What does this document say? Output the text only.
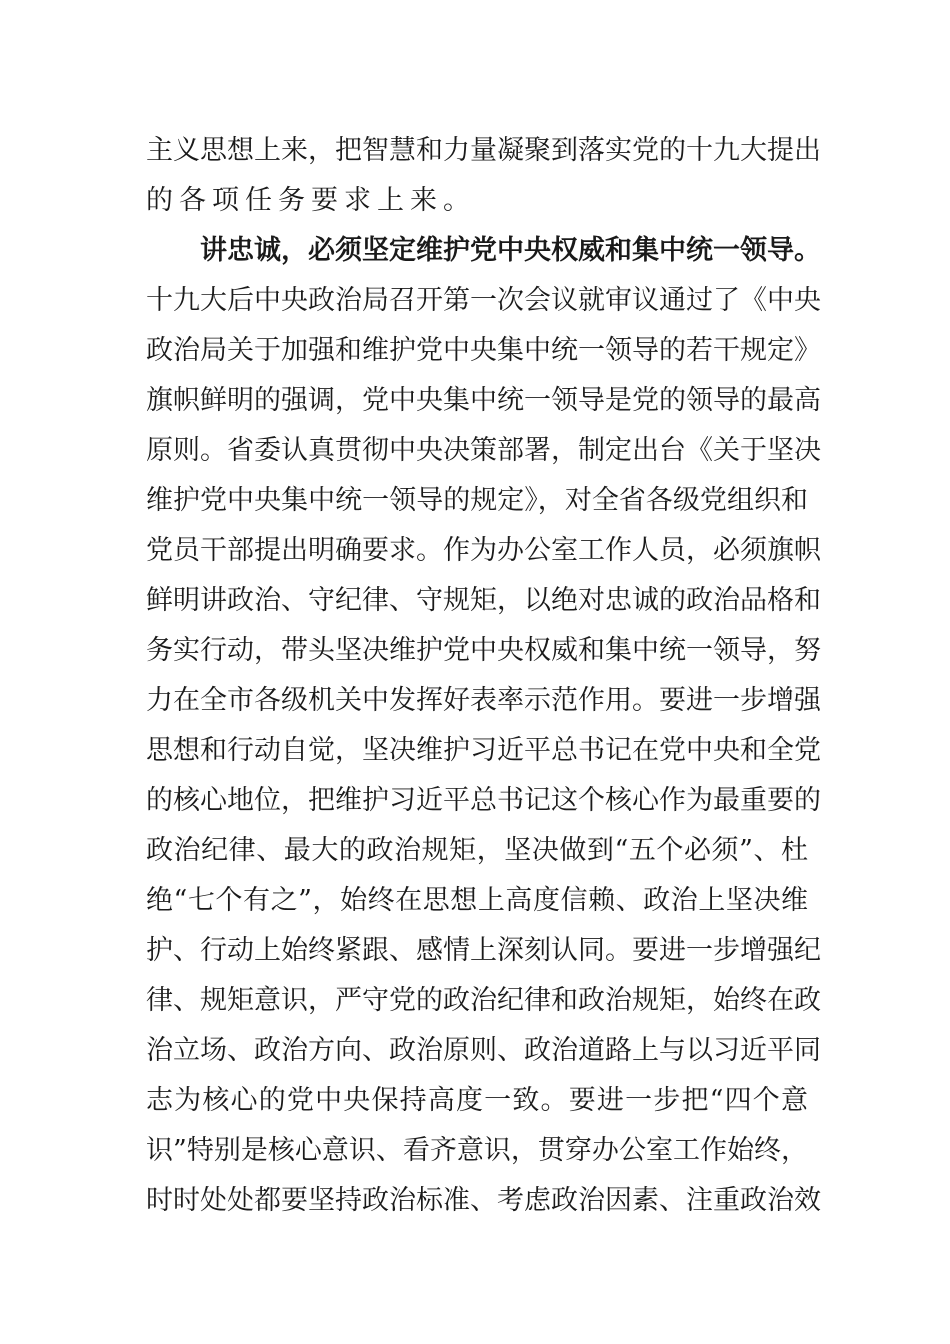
主义思想上来，把智慧和力量凝聚到落实党的十九大提出
的各项任务要求上来。
讲忠诚，必须坚定维护党中央权威和集中统一领导。
十九大后中央政治局召开第一次会议就审议通过了《中央
政治局关于加强和维护党中央集中统一领导的若干规定》
旗帜鲜明的强调，党中央集中统一领导是党的领导的最高
原则。省委认真贯彻中央决策部署，制定出台《关于坚决
维护党中央集中统一领导的规定》，对全省各级党组织和
党员干部提出明确要求。作为办公室工作人员，必须旗帜
鲜明讲政治、守纪律、守规矩，以绝对忠诚的政治品格和
务实行动，带头坚决维护党中央权威和集中统一领导，努
力在全市各级机关中发挥好表率示范作用。要进一步增强
思想和行动自觉，坚决维护习近平总书记在党中央和全党
的核心地位，把维护习近平总书记这个核心作为最重要的
政治纪律、最大的政治规矩，坚决做到“五个必须”、杜
绝“七个有之”，始终在思想上高度信赖、政治上坚决维
护、行动上始终紧跟、感情上深刻认同。要进一步增强纪
律、规矩意识，严守党的政治纪律和政治规矩，始终在政
治立场、政治方向、政治原则、政治道路上与以习近平同
志为核心的党中央保持高度一致。要进一步把“四个意
识”特别是核心意识、看齐意识，贯穿办公室工作始终，
时时处处都要坚持政治标准、考虑政治因素、注重政治效
